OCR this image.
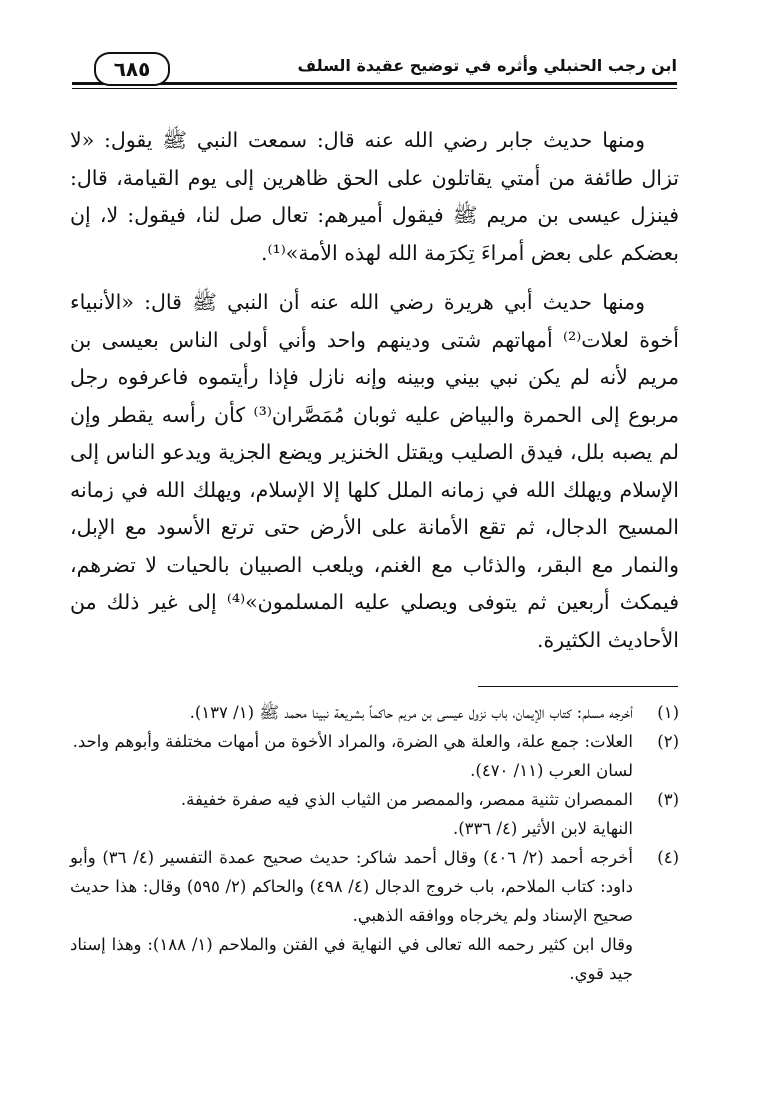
ابن رجب الحنبلي وأثره في توضيح عقيدة السلف
٦٨٥

ومنها حديث جابر رضي الله عنه قال: سمعت النبي ﷺ يقول: «لا تزال طائفة من أمتي يقاتلون على الحق ظاهرين إلى يوم القيامة، قال: فينزل عيسى بن مريم ﷺ فيقول أميرهم: تعال صل لنا، فيقول: لا، إن بعضكم على بعض أمراءَ تِكرَمة الله لهذه الأمة»⁽¹⁾.

ومنها حديث أبي هريرة رضي الله عنه أن النبي ﷺ قال: «الأنبياء أخوة لعلات⁽²⁾ أمهاتهم شتى ودينهم واحد وأني أولى الناس بعيسى بن مريم لأنه لم يكن نبي بيني وبينه وإنه نازل فإذا رأيتموه فاعرفوه رجل مربوع إلى الحمرة والبياض عليه ثوبان مُمَصَّران⁽³⁾ كأن رأسه يقطر وإن لم يصبه بلل، فيدق الصليب ويقتل الخنزير ويضع الجزية ويدعو الناس إلى الإسلام ويهلك الله في زمانه الملل كلها إلا الإسلام، ويهلك الله في زمانه المسيح الدجال، ثم تقع الأمانة على الأرض حتى ترتع الأسود مع الإبل، والنمار مع البقر، والذئاب مع الغنم، ويلعب الصبيان بالحيات لا تضرهم، فيمكث أربعين ثم يتوفى ويصلي عليه المسلمون»⁽⁴⁾ إلى غير ذلك من الأحاديث الكثيرة.

(١)
أخرجه مسلم: كتاب الإيمان، باب نزول عيسى بن مريم حاكماً بشريعة نبينا محمد ﷺ (١/ ١٣٧).
(٢)
العلات: جمع علة، والعلة هي الضرة، والمراد الأخوة من أمهات مختلفة وأبوهم واحد.
لسان العرب (١١/ ٤٧٠).
(٣)
الممصران تثنية ممصر، والممصر من الثياب الذي فيه صفرة خفيفة.
النهاية لابن الأثير (٤/ ٣٣٦).
(٤)
أخرجه أحمد (٢/ ٤٠٦) وقال أحمد شاكر: حديث صحيح عمدة التفسير (٤/ ٣٦) وأبو داود: كتاب الملاحم، باب خروج الدجال (٤/ ٤٩٨) والحاكم (٢/ ٥٩٥) وقال: هذا حديث صحيح الإسناد ولم يخرجاه ووافقه الذهبي.
وقال ابن كثير رحمه الله تعالى في النهاية في الفتن والملاحم (١/ ١٨٨): وهذا إسناد جيد قوي.
